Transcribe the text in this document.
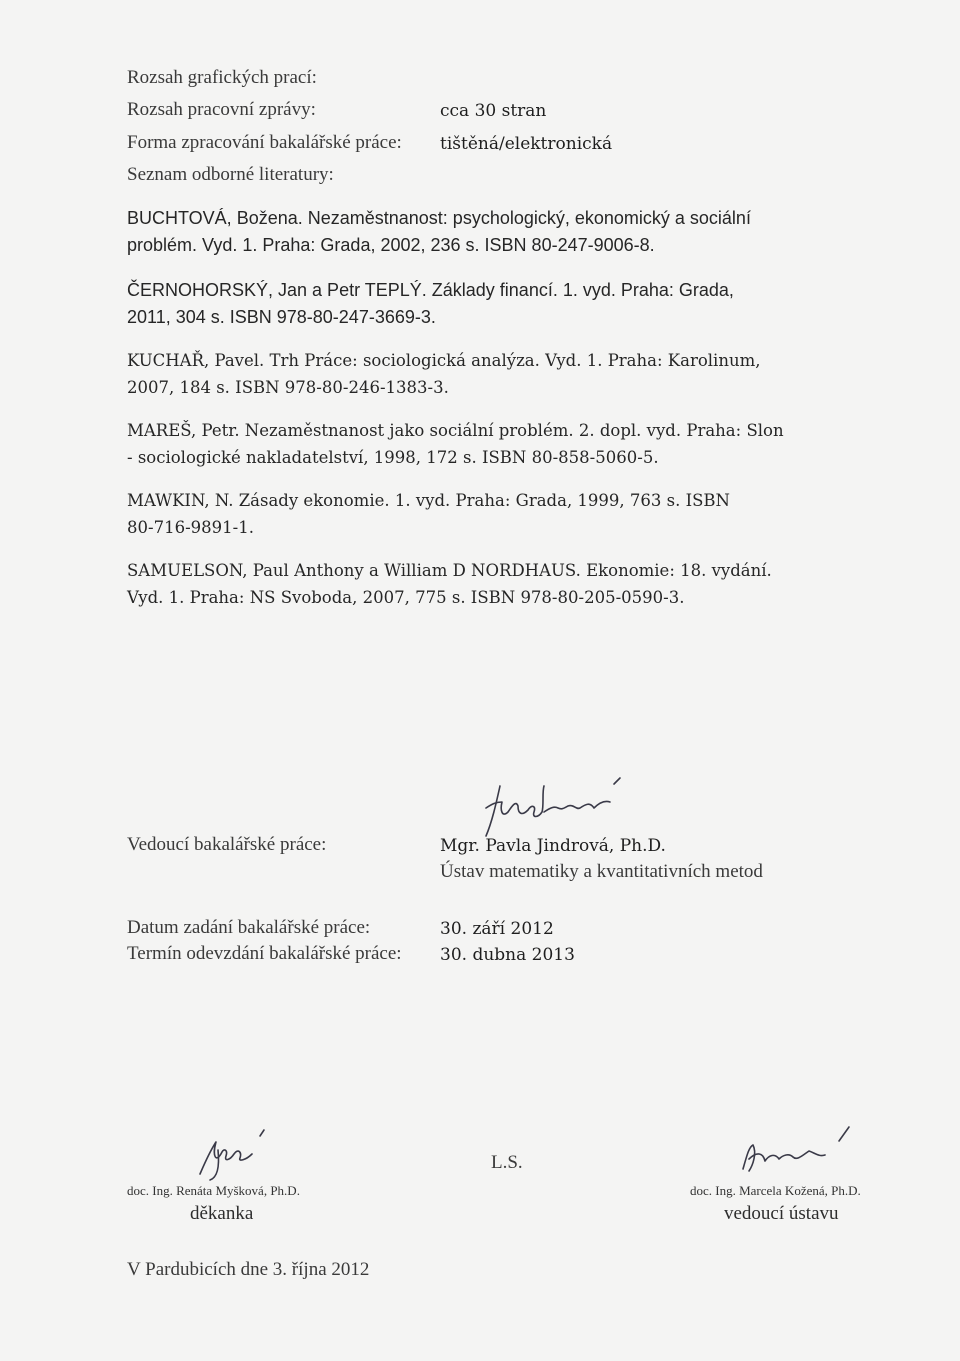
Rozsah grafických prací:
Rozsah pracovní zprávy:	cca 30 stran
Forma zpracování bakalářské práce: tištěná/elektronická
Seznam odborné literatury:
BUCHTOVÁ, Božena. Nezaměstnanost: psychologický, ekonomický a sociální
problém. Vyd. 1. Praha: Grada, 2002, 236 s. ISBN 80-247-9006-8.
ČERNOHORSKÝ, Jan a Petr TEPLÝ. Základy financí. 1. vyd. Praha: Grada,
2011, 304 s. ISBN 978-80-247-3669-3.
KUCHAŘ, Pavel. Trh Práce: sociologická analýza. Vyd. 1. Praha: Karolinum,
2007, 184 s. ISBN 978-80-246-1383-3.
MAREŠ, Petr. Nezaměstnanost jako sociální problém. 2. dopl. vyd. Praha: Slon
- sociologické nakladatelství, 1998, 172 s. ISBN 80-858-5060-5.
MAWKIN, N. Zásady ekonomie. 1. vyd. Praha: Grada, 1999, 763 s. ISBN
80-716-9891-1.
SAMUELSON, Paul Anthony a William D NORDHAUS. Ekonomie: 18. vydání.
Vyd. 1. Praha: NS Svoboda, 2007, 775 s. ISBN 978-80-205-0590-3.
Vedoucí bakalářské práce:	Mgr. Pavla Jindrová, Ph.D.
Ústav matematiky a kvantitativních metod
Datum zadání bakalářské práce:	30. září 2012
Termín odevzdání bakalářské práce: 30. dubna 2013
doc. Ing. Renáta Myšková, Ph.D.
děkanka
L.S.
doc. Ing. Marcela Kožená, Ph.D.
vedoucí ústavu
V Pardubicích dne 3. října 2012
